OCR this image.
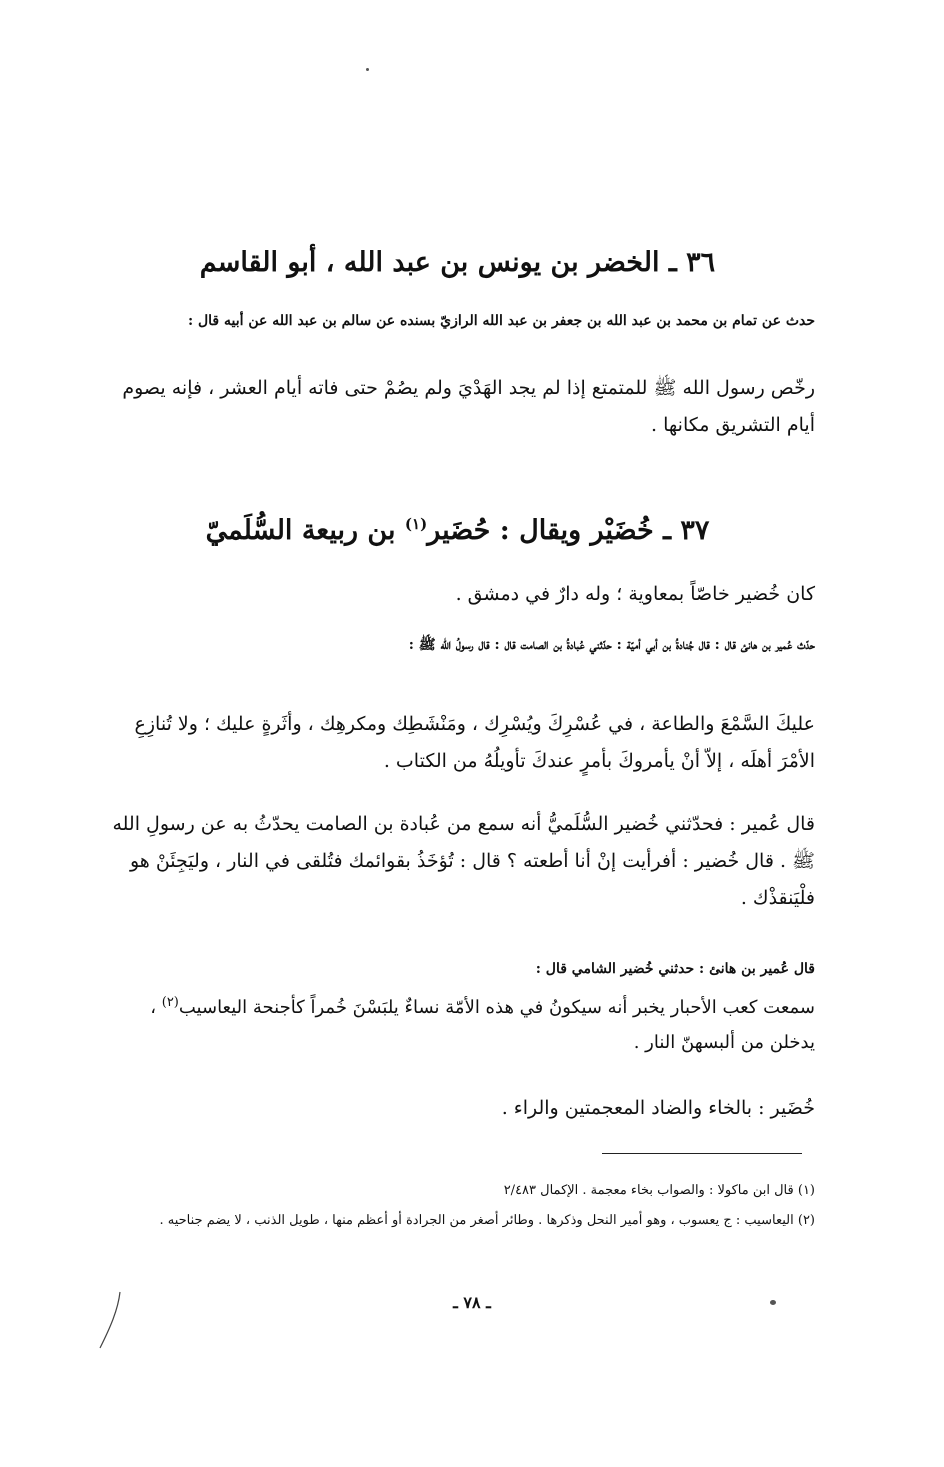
٣٦ ـ الخضر بن يونس بن عبد الله ، أبو القاسم
حدث عن تمام بن محمد بن عبد الله بن جعفر بن عبد الله الرازيّ بسنده عن سالم بن عبد الله عن أبيه قال :
رخّص رسول الله ﷺ للمتمتع إذا لم يجد الهَدْيَ ولم يصُمْ حتى فاته أيام العشر ، فإنه يصوم أيام التشريق مكانها .
٣٧ ـ خُضَيْر ويقال : حُضَير$^{(١)}$ بن ربيعة السُّلَميّ
كان خُضير خاصّاً بمعاوية ؛ وله دارٌ في دمشق .
حدّث عُمير بن هانئ قال : قال جُنادةُ بن أبي أميّة : حدّثني عُبادةُ بن الصامت قال : قال رسولُ الله ﷺ :
عليكَ السَّمْعَ والطاعة ، في عُسْرِكَ ويُسْرِك ، ومَنْشَطِك ومكرهِك ، وأثَرةٍ عليك ؛ ولا تُنازِعِ الأمْرَ أهلَه ، إلاّ أنْ يأمروكَ بأمرٍ عندكَ تأويلُهُ من الكتاب .
قال عُمير : فحدّثني خُضير السُّلَميُّ أنه سمع من عُبادة بن الصامت يحدّثُ به عن رسولِ الله ﷺ . قال خُضير : أفرأيت إنْ أنا أطعته ؟ قال : تُؤخَذُ بقوائمك فتُلقى في النار ، وليَجِئَنْ هو فلْيَنقذْك .
قال عُمير بن هانئ : حدثني خُضير الشامي قال :
سمعت كعب الأحبار يخبر أنه سيكونُ في هذه الأمّة نساءٌ يلبَسْنَ خُمراً كأجنحة اليعاسيب$^{(٢)}$ ، يدخلن من ألبسهنّ النار .
خُضَير : بالخاء والضاد المعجمتين والراء .
(١) قال ابن ماكولا : والصواب بخاء معجمة . الإكمال ٢/٤٨٣
(٢) اليعاسيب : ج يعسوب ، وهو أمير النحل وذكرها . وطائر أصغر من الجرادة أو أعظم منها ، طويل الذنب ، لا يضم جناحيه .
ـ ٧٨ ـ
